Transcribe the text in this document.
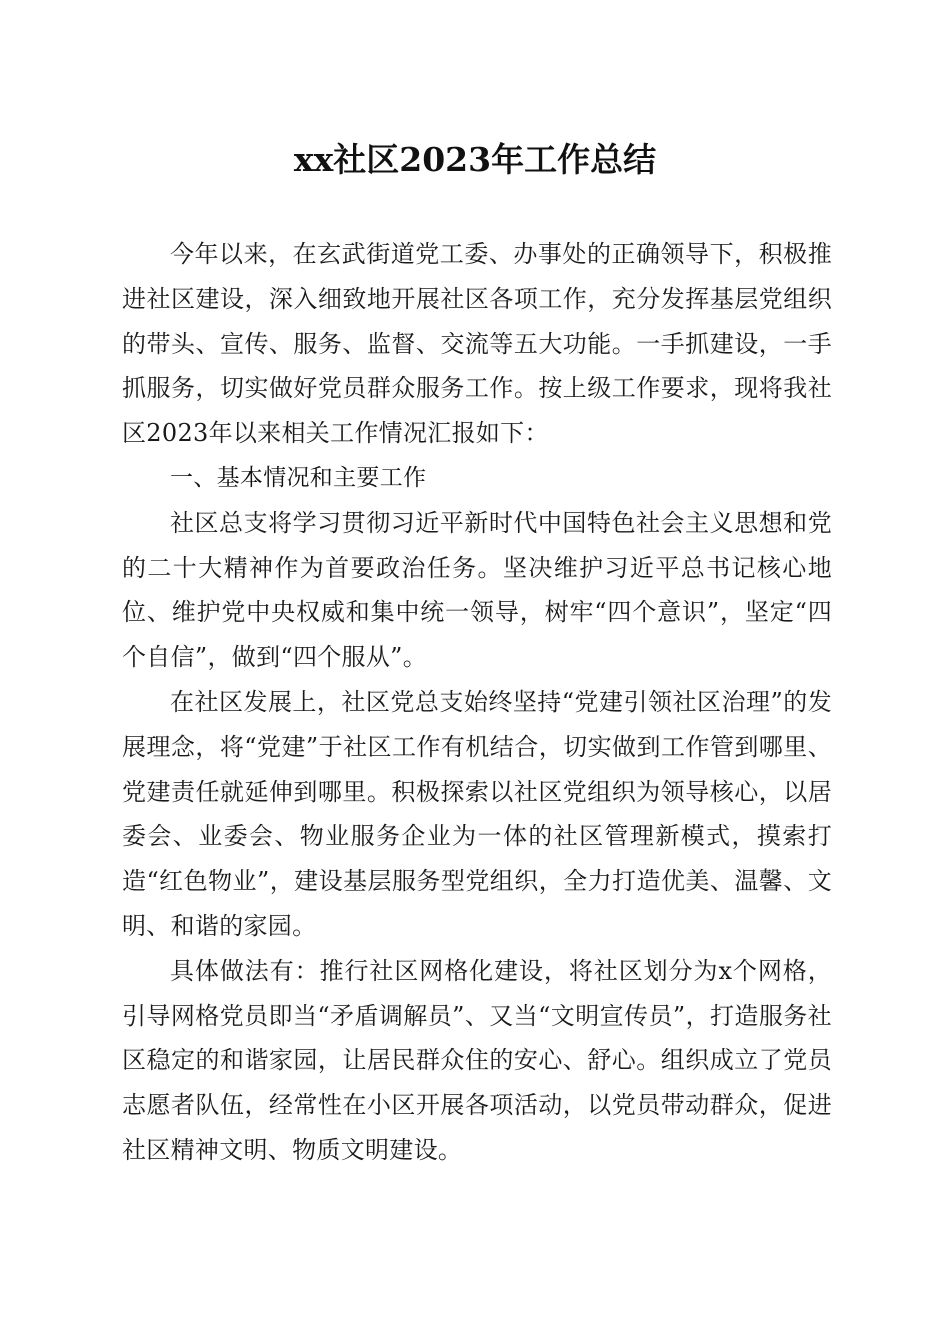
xx社区2023年工作总结

今年以来，在玄武街道党工委、办事处的正确领导下，积极推进社区建设，深入细致地开展社区各项工作，充分发挥基层党组织的带头、宣传、服务、监督、交流等五大功能。一手抓建设，一手抓服务，切实做好党员群众服务工作。按上级工作要求，现将我社区2023年以来相关工作情况汇报如下：

一、基本情况和主要工作

社区总支将学习贯彻习近平新时代中国特色社会主义思想和党的二十大精神作为首要政治任务。坚决维护习近平总书记核心地位、维护党中央权威和集中统一领导，树牢“四个意识”，坚定“四个自信”，做到“四个服从”。

在社区发展上，社区党总支始终坚持“党建引领社区治理”的发展理念，将“党建”于社区工作有机结合，切实做到工作管到哪里、党建责任就延伸到哪里。积极探索以社区党组织为领导核心，以居委会、业委会、物业服务企业为一体的社区管理新模式，摸索打造“红色物业”，建设基层服务型党组织，全力打造优美、温馨、文明、和谐的家园。

具体做法有：推行社区网格化建设，将社区划分为x个网格，引导网格党员即当“矛盾调解员”、又当“文明宣传员”，打造服务社区稳定的和谐家园，让居民群众住的安心、舒心。组织成立了党员志愿者队伍，经常性在小区开展各项活动，以党员带动群众，促进社区精神文明、物质文明建设。
